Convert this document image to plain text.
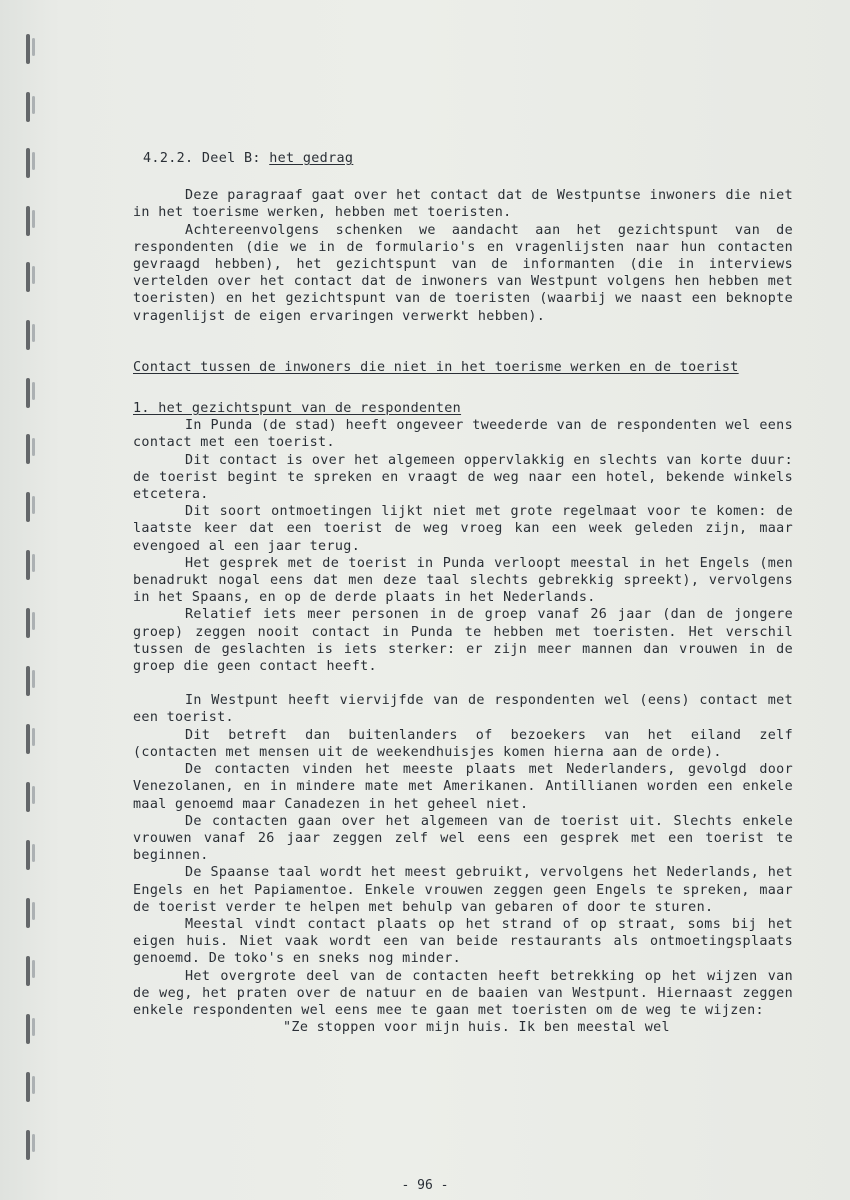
4.2.2. Deel B: het gedrag

Deze paragraaf gaat over het contact dat de Westpuntse inwoners die niet in het toerisme werken, hebben met toeristen.

Achtereenvolgens schenken we aandacht aan het gezichtspunt van de respondenten (die we in de formulario's en vragenlijsten naar hun contacten gevraagd hebben), het gezichtspunt van de informanten (die in interviews vertelden over het contact dat de inwoners van Westpunt volgens hen hebben met toeristen) en het gezichtspunt van de toeristen (waarbij we naast een beknopte vragenlijst de eigen ervaringen verwerkt hebben).

Contact tussen de inwoners die niet in het toerisme werken en de toerist

1. het gezichtspunt van de respondenten

In Punda (de stad) heeft ongeveer tweederde van de respondenten wel eens contact met een toerist.

Dit contact is over het algemeen oppervlakkig en slechts van korte duur: de toerist begint te spreken en vraagt de weg naar een hotel, bekende winkels etcetera.

Dit soort ontmoetingen lijkt niet met grote regelmaat voor te komen: de laatste keer dat een toerist de weg vroeg kan een week geleden zijn, maar evengoed al een jaar terug.

Het gesprek met de toerist in Punda verloopt meestal in het Engels (men benadrukt nogal eens dat men deze taal slechts gebrekkig spreekt), vervolgens in het Spaans, en op de derde plaats in het Nederlands.

Relatief iets meer personen in de groep vanaf 26 jaar (dan de jongere groep) zeggen nooit contact in Punda te hebben met toeristen. Het verschil tussen de geslachten is iets sterker: er zijn meer mannen dan vrouwen in de groep die geen contact heeft.

In Westpunt heeft viervijfde van de respondenten wel (eens) contact met een toerist.

Dit betreft dan buitenlanders of bezoekers van het eiland zelf (contacten met mensen uit de weekendhuisjes komen hierna aan de orde).

De contacten vinden het meeste plaats met Nederlanders, gevolgd door Venezolanen, en in mindere mate met Amerikanen. Antillianen worden een enkele maal genoemd maar Canadezen in het geheel niet.

De contacten gaan over het algemeen van de toerist uit. Slechts enkele vrouwen vanaf 26 jaar zeggen zelf wel eens een gesprek met een toerist te beginnen.

De Spaanse taal wordt het meest gebruikt, vervolgens het Nederlands, het Engels en het Papiamentoe. Enkele vrouwen zeggen geen Engels te spreken, maar de toerist verder te helpen met behulp van gebaren of door te sturen.

Meestal vindt contact plaats op het strand of op straat, soms bij het eigen huis. Niet vaak wordt een van beide restaurants als ontmoetingsplaats genoemd. De toko's en sneks nog minder.

Het overgrote deel van de contacten heeft betrekking op het wijzen van de weg, het praten over de natuur en de baaien van Westpunt. Hiernaast zeggen enkele respondenten wel eens mee te gaan met toeristen om de weg te wijzen:

"Ze stoppen voor mijn huis. Ik ben meestal wel

- 96 -
